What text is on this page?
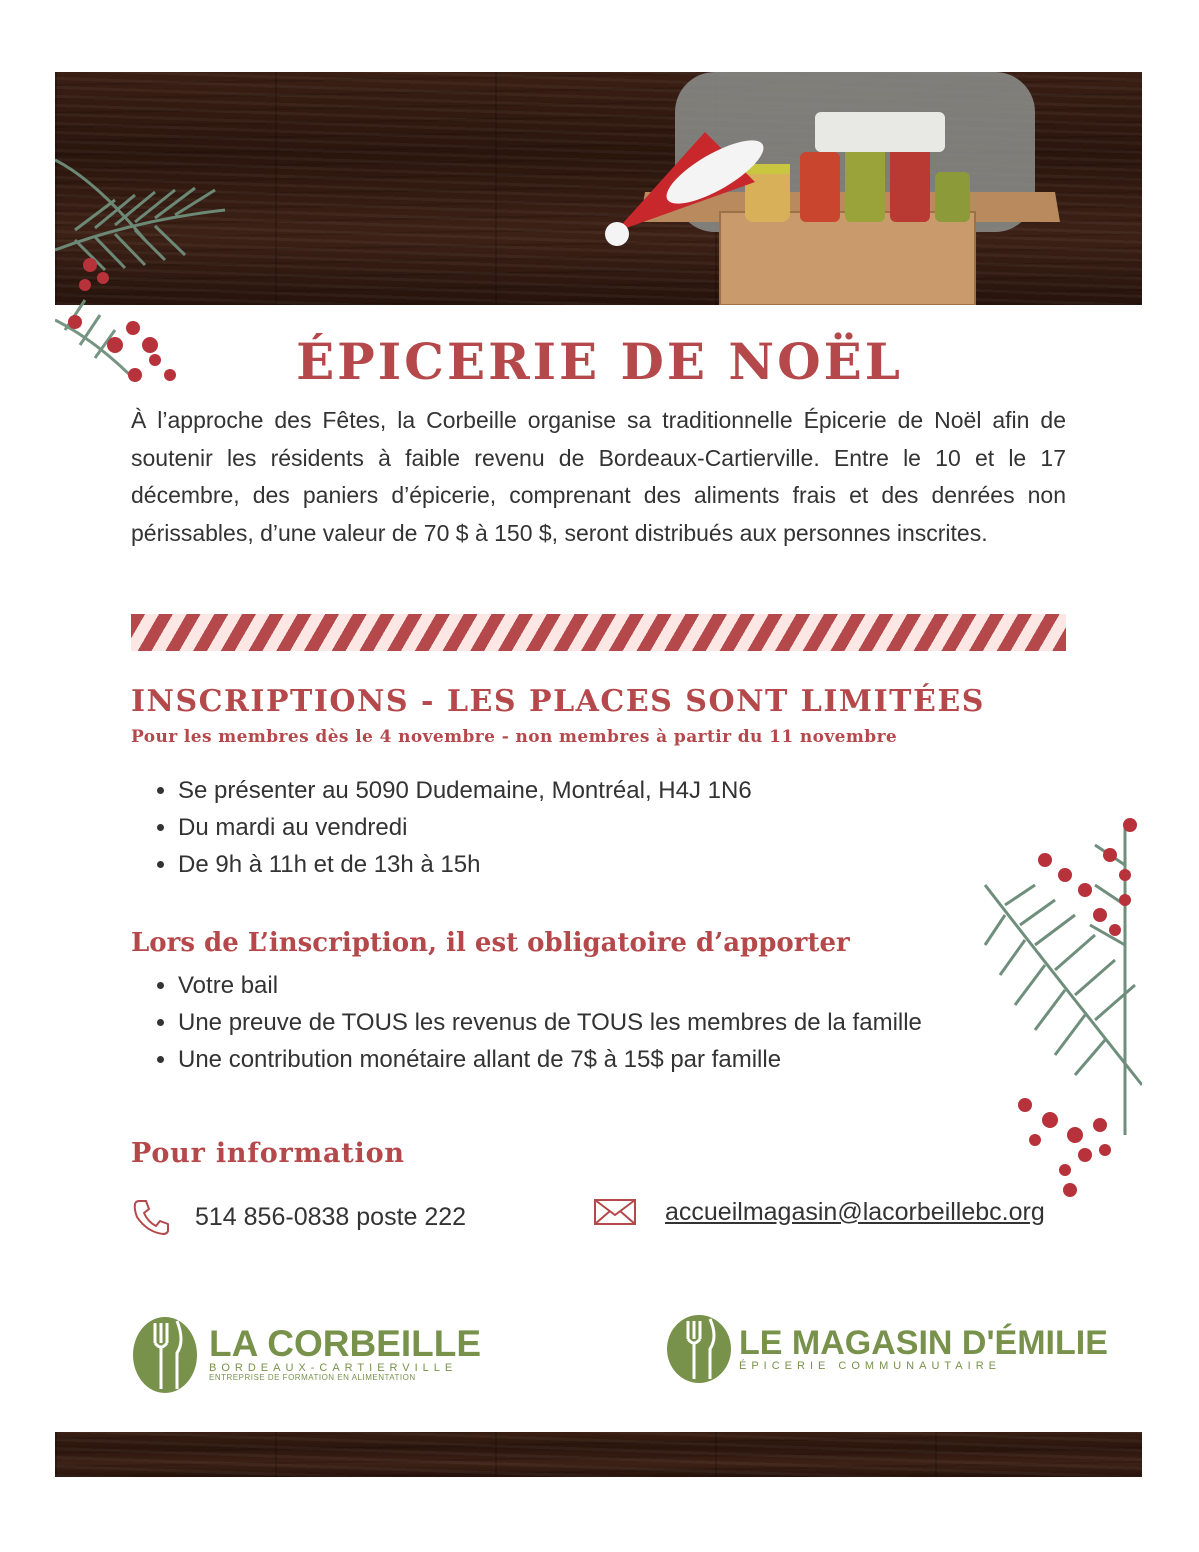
ÉPICERIE DE NOËL

À l’approche des Fêtes, la Corbeille organise sa traditionnelle Épicerie de Noël afin de soutenir les résidents à faible revenu de Bordeaux-Cartierville. Entre le 10 et le 17 décembre, des paniers d’épicerie, comprenant des aliments frais et des denrées non périssables, d’une valeur de 70 $ à 150 $, seront distribués aux personnes inscrites.

INSCRIPTIONS - LES PLACES SONT LIMITÉES
Pour les membres dès le 4 novembre - non membres à partir du 11 novembre
• Se présenter au 5090 Dudemaine, Montréal, H4J 1N6
• Du mardi au vendredi
• De 9h à 11h et de 13h à 15h
Lors de L’inscription, il est obligatoire d’apporter
• Votre bail
• Une preuve de TOUS les revenus de TOUS les membres de la famille
• Une contribution monétaire allant de 7$ à 15$ par famille
Pour information
514 856-0838 poste 222	accueilmagasin@lacorbeillebc.org
LA CORBEILLE
BORDEAUX-CARTIERVILLE
ENTREPRISE DE FORMATION EN ALIMENTATION
LE MAGASIN D'ÉMILIE
ÉPICERIE COMMUNAUTAIRE
